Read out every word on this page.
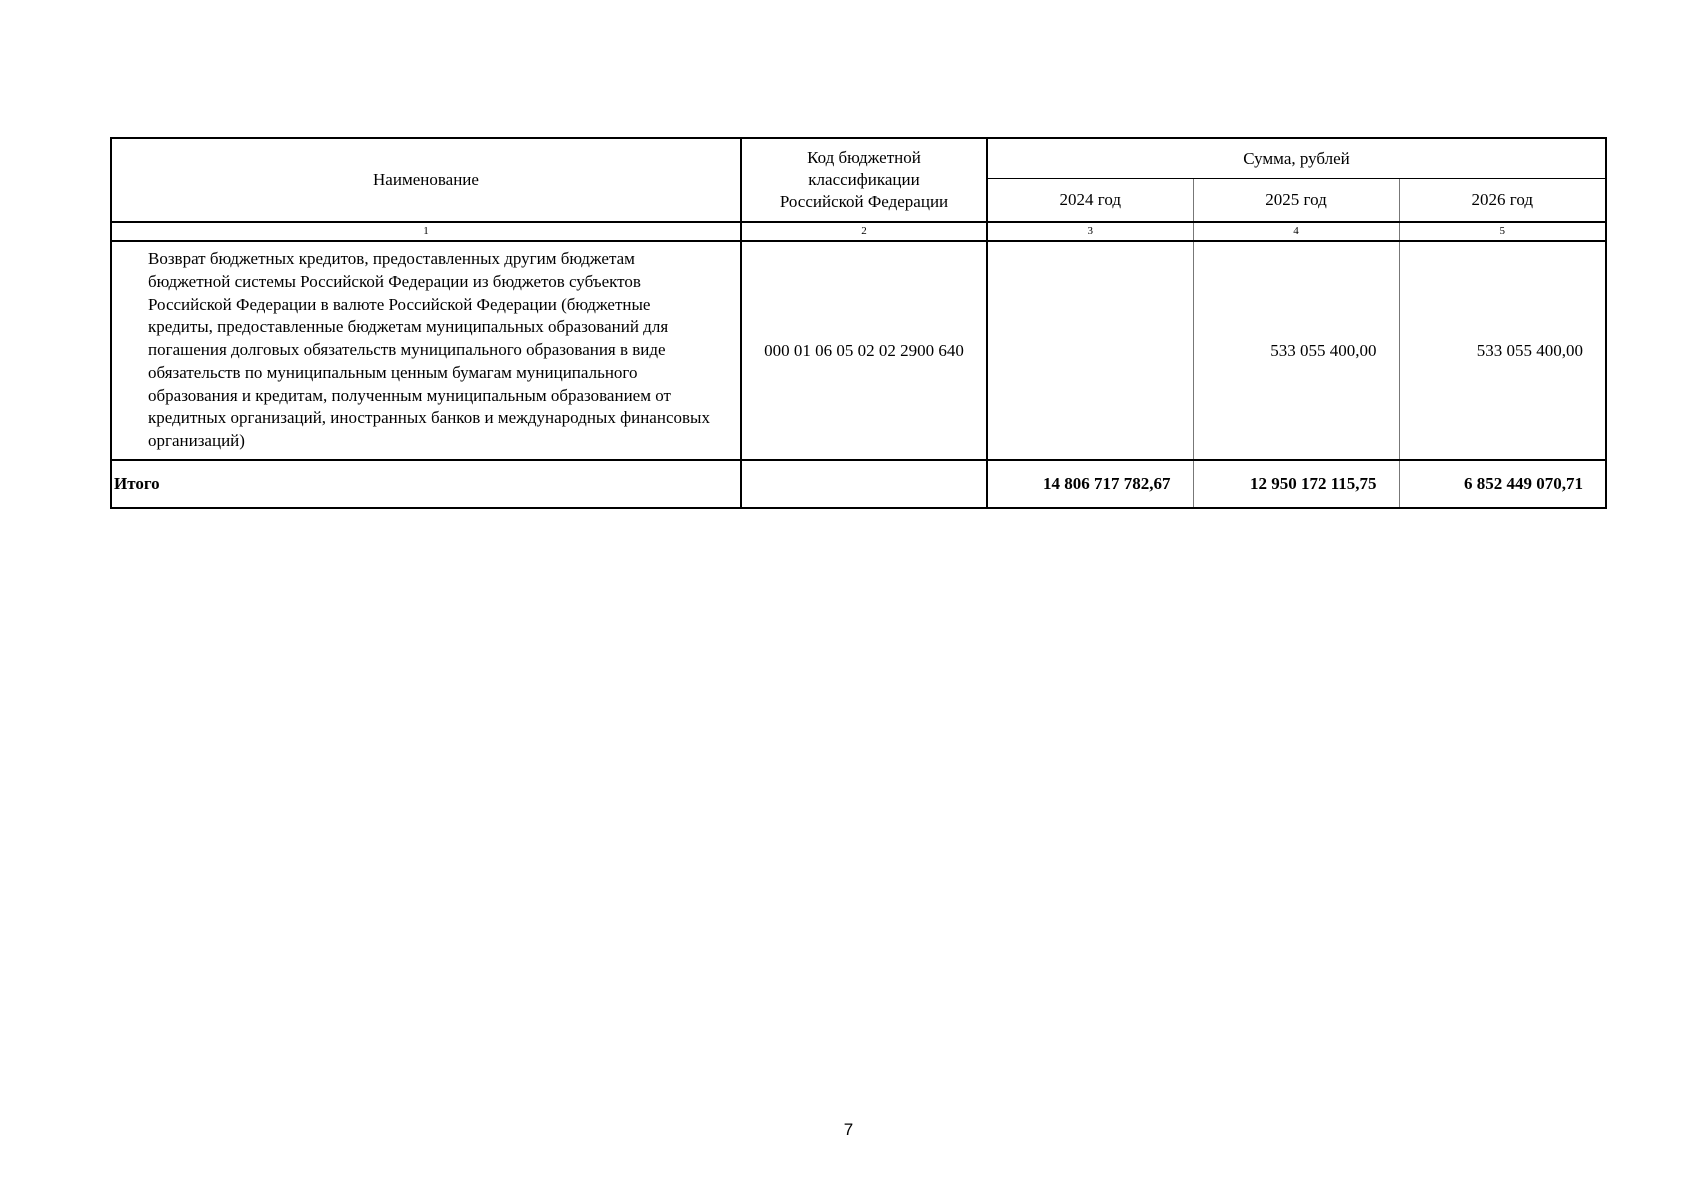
Наименование	Код бюджетной классификации Российской Федерации	Сумма, рублей		
		2024 год	2025 год	2026 год
1	2	3	4	5
Возврат бюджетных кредитов, предоставленных другим бюджетам бюджетной системы Российской Федерации из бюджетов субъектов Российской Федерации в валюте Российской Федерации (бюджетные кредиты, предоставленные бюджетам муниципальных образований для погашения долговых обязательств муниципального образования в виде обязательств по муниципальным ценным бумагам муниципального образования и кредитам, полученным муниципальным образованием от кредитных организаций, иностранных банков и международных финансовых организаций)	000 01 06 05 02 02 2900 640		533 055 400,00	533 055 400,00
Итого		14 806 717 782,67	12 950 172 115,75	6 852 449 070,71
7
